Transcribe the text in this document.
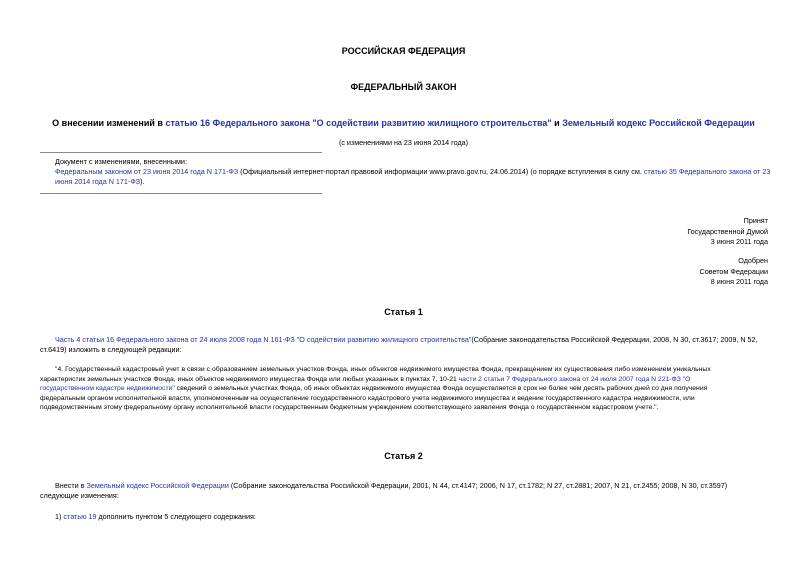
РОССИЙСКАЯ ФЕДЕРАЦИЯ
ФЕДЕРАЛЬНЫЙ ЗАКОН
О внесении изменений в статью 16 Федерального закона "О содействии развитию жилищного строительства" и Земельный кодекс Российской Федерации
(с изменениями на 23 июня 2014 года)
Документ с изменениями, внесенными:
Федеральным законом от 23 июня 2014 года N 171-ФЗ (Официальный интернет-портал правовой информации www.pravo.gov.ru, 24.06.2014) (о порядке вступления в силу см. статью 35 Федерального закона от 23
июня 2014 года N 171-ФЗ).
Принят
Государственной Думой
3 июня 2011 года
Одобрен
Советом Федерации
8 июня 2011 года
Статья 1
Часть 4 статьи 16 Федерального закона от 24 июля 2008 года N 161-ФЗ "О содействии развитию жилищного строительства"(Собрание законодательства Российской Федерации, 2008, N 30, ст.3617; 2009, N 52,
ст.6419) изложить в следующей редакции:
"4. Государственный кадастровый учет в связи с образованием земельных участков Фонда, иных объектов недвижимого имущества Фонда, прекращением их существования либо изменением уникальных
характеристик земельных участков Фонда, иных объектов недвижимого имущества Фонда или любых указанных в пунктах 7, 10-21 части 2 статьи 7 Федерального закона от 24 июля 2007 года N 221-ФЗ "О
государственном кадастре недвижимости" сведений о земельных участках Фонда, об иных объектах недвижимого имущества Фонда осуществляется в срок не более чем десять рабочих дней со дня получения
федеральным органом исполнительной власти, уполномоченным на осуществление государственного кадастрового учета недвижимого имущества и ведение государственного кадастра недвижимости, или
подведомственным этому федеральному органу исполнительной власти государственным бюджетным учреждением соответствующего заявления Фонда о государственном кадастровом учете.".
Статья 2
Внести в Земельный кодекс Российской Федерации (Собрание законодательства Российской Федерации, 2001, N 44, ст.4147; 2006, N 17, ст.1782; N 27, ст.2881; 2007, N 21, ст.2455; 2008, N 30, ст.3597)
следующие изменения:
1) статью 19 дополнить пунктом 5 следующего содержания:
